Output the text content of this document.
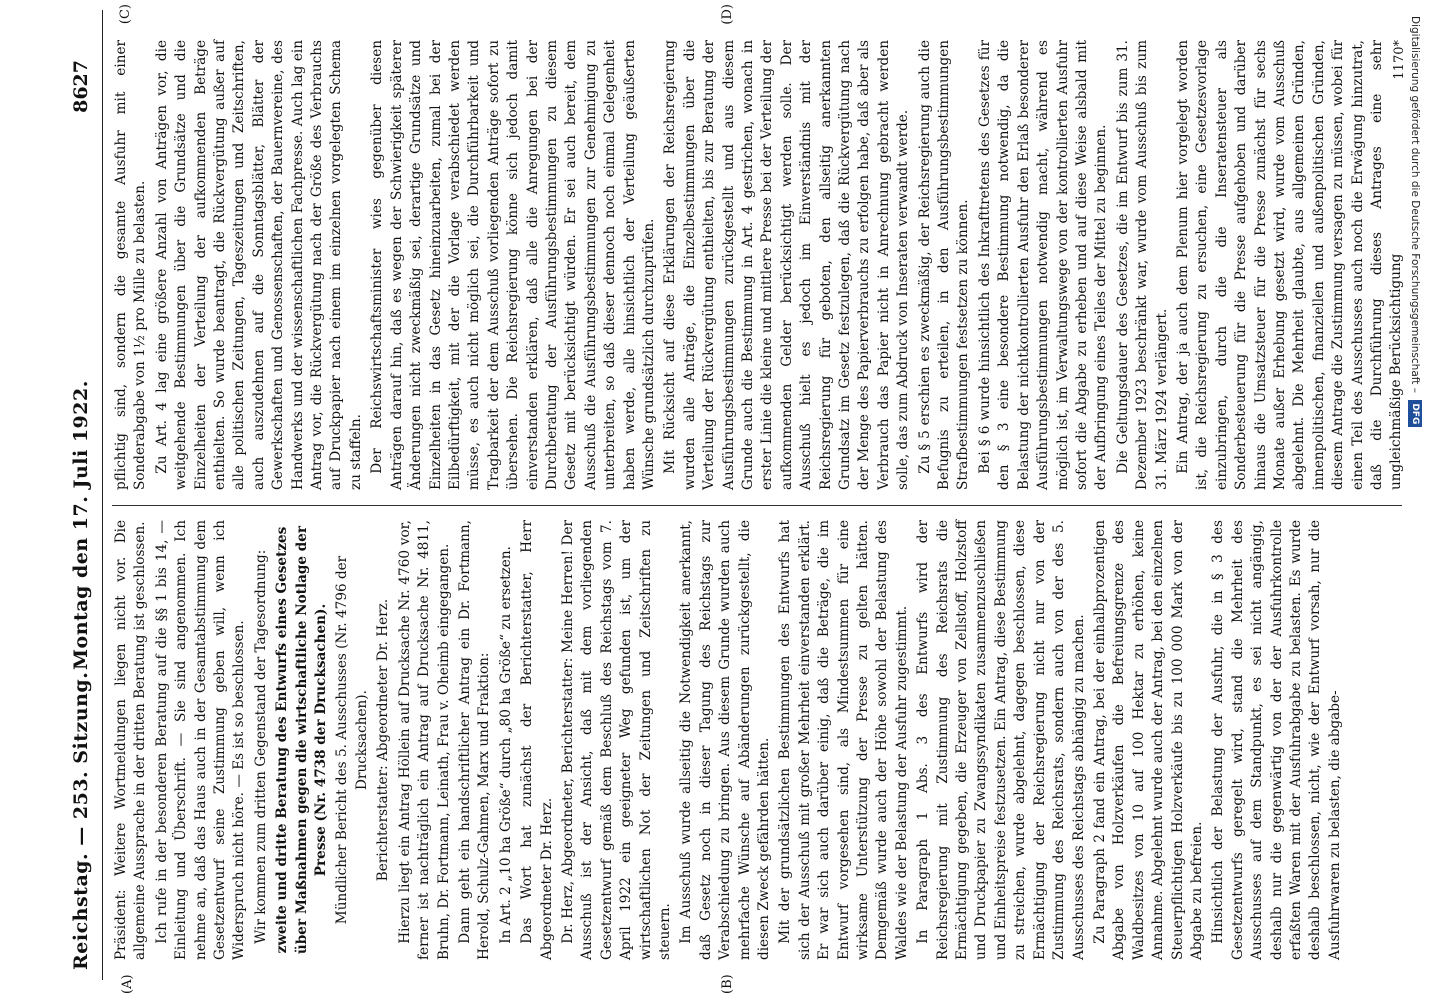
Reichstag. — 253. Sitzung.
Montag den 17. Juli 1922.
8627
(A)	(B)
(C)	(D)

Präsident: Weitere Wortmeldungen liegen nicht vor. Die allgemeine Aussprache in der dritten Beratung ist geschlossen. Ich rufe in der besonderen Beratung auf die §§ 1 bis 14, — Einleitung und Überschrift. — Sie sind angenommen. Ich nehme an, daß das Haus auch in der Gesamtabstimmung dem Gesetzentwurf seine Zustimmung geben will, wenn ich Widerspruch nicht höre. — Es ist so beschlossen. Wir kommen zum dritten Gegenstand der Tagesordnung: zweite und dritte Beratung des Entwurfs eines Gesetzes über Maßnahmen gegen die wirtschaftliche Notlage der Presse (Nr. 4738 der Drucksachen). Mündlicher Bericht des 5. Ausschusses (Nr. 4796 der Drucksachen). Berichterstatter: Abgeordneter Dr. Herz. Hierzu liegt ein Antrag Höllein auf Drucksache Nr. 4760 vor, ferner ist nachträglich ein Antrag auf Drucksache Nr. 4811, Bruhn, Dr. Fortmann, Leinath, Frau v. Oheimb eingegangen. Dann geht ein handschriftlicher Antrag ein Dr. Fortmann, Herold, Schulz-Gahmen, Marx und Fraktion: In Art. 2 „10 ha Größe“ durch „80 ha Größe“ zu ersetzen. Das Wort hat zunächst der Berichterstatter, Herr Abgeordneter Dr. Herz. Dr. Herz, Abgeordneter, Berichterstatter: Meine Herren! Der Ausschuß ist der Ansicht, daß mit dem vorliegenden Gesetzentwurf gemäß dem Beschluß des Reichstags vom 7. April 1922 ein geeigneter Weg gefunden ist, um der wirtschaftlichen Not der Zeitungen und Zeitschriften zu steuern. Im Ausschuß wurde allseitig die Notwendigkeit anerkannt, daß Gesetz noch in dieser Tagung des Reichstags zur Verabschiedung zu bringen. Aus diesem Grunde wurden auch mehrfache Wünsche auf Abänderungen zurückgestellt, die diesen Zweck gefährden hätten. Mit der grundsätzlichen Bestimmungen des Entwurfs hat sich der Ausschuß mit großer Mehrheit einverstanden erklärt. Er war sich auch darüber einig, daß die Beträge, die im Entwurf vorgesehen sind, als Mindestsummen für eine wirksame Unterstützung der Presse zu gelten hätten. Demgemäß wurde auch der Höhe sowohl der Belastung des Waldes wie der Belastung der Ausfuhr zugestimmt. In Paragraph 1 Abs. 3 des Entwurfs wird der Reichsregierung mit Zustimmung des Reichsrats die Ermächtigung gegeben, die Erzeuger von Zellstoff, Holzstoff und Druckpapier zu Zwangssyndikaten zusammenzuschließen und Einheitspreise festzusetzen. Ein Antrag, diese Bestimmung zu streichen, wurde abgelehnt, dagegen beschlossen, diese Ermächtigung der Reichsregierung nicht nur von der Zustimmung des Reichsrats, sondern auch von der des 5. Ausschusses des Reichstags abhängig zu machen. Zu Paragraph 2 fand ein Antrag, bei der einhalbprozentigen Abgabe von Holzverkäufen die Befreiungsgrenze des Waldbesitzes von 10 auf 100 Hektar zu erhöhen, keine Annahme. Abgelehnt wurde auch der Antrag, bei den einzelnen Steuerpflichtigen Holzverkäufe bis zu 100 000 Mark von der Abgabe zu befreien. Hinsichtlich der Belastung der Ausfuhr, die in § 3 des Gesetzentwurfs geregelt wird, stand die Mehrheit des Ausschusses auf dem Standpunkt, es sei nicht angängig, deshalb nur die gegenwärtig von der der Ausfuhrkontrolle erfaßten Waren mit der Ausfuhrabgabe zu belasten. Es wurde deshalb beschlossen, nicht, wie der Entwurf vorsah, nur die Ausfuhrwaren zu belasten, die abgabe-

pflichtig sind, sondern die gesamte Ausfuhr mit einer Sonderabgabe von 1½ pro Mille zu belasten. Zu Art. 4 lag eine größere Anzahl von Anträgen vor, die weitgehende Bestimmungen über die Grundsätze und die Einzelheiten der Verteilung der aufkommenden Beträge enthielten. So wurde beantragt, die Rückvergütung außer auf alle politischen Zeitungen, Tageszeitungen und Zeitschriften, auch auszudehnen auf die Sonntagsblätter, Blätter der Gewerkschaften und Genossenschaften, der Bauernvereine, des Handwerks und der wissenschaftlichen Fachpresse. Auch lag ein Antrag vor, die Rückvergütung nach der Größe des Verbrauchs auf Druckpapier nach einem im einzelnen vorgelegten Schema zu staffeln. Der Reichswirtschaftsminister wies gegenüber diesen Anträgen darauf hin, daß es wegen der Schwierigkeit späterer Änderungen nicht zweckmäßig sei, derartige Grundsätze und Einzelheiten in das Gesetz hineinzuarbeiten, zumal bei der Eilbedürftigkeit, mit der die Vorlage verabschiedet werden müsse, es auch nicht möglich sei, die Durchführbarkeit und Tragbarkeit der dem Ausschuß vorliegenden Anträge sofort zu übersehen. Die Reichsregierung könne sich jedoch damit einverstanden erklären, daß alle die Anregungen bei der Durchberatung der Ausführungsbestimmungen zu diesem Gesetz mit berücksichtigt würden. Er sei auch bereit, dem Ausschuß die Ausführungsbestimmungen zur Genehmigung zu unterbreiten, so daß dieser dennoch noch einmal Gelegenheit haben werde, alle hinsichtlich der Verteilung geäußerten Wünsche grundsätzlich durchzuprüfen. Mit Rücksicht auf diese Erklärungen der Reichsregierung wurden alle Anträge, die Einzelbestimmungen über die Verteilung der Rückvergütung enthielten, bis zur Beratung der Ausführungsbestimmungen zurückgestellt und aus diesem Grunde auch die Bestimmung in Art. 4 gestrichen, wonach in erster Linie die kleine und mittlere Presse bei der Verteilung der aufkommenden Gelder berücksichtigt werden solle. Der Ausschuß hielt es jedoch im Einverständnis mit der Reichsregierung für geboten, den allseitig anerkannten Grundsatz im Gesetz festzulegen, daß die Rückvergütung nach der Menge des Papierverbrauchs zu erfolgen habe, daß aber als Verbrauch das Papier nicht in Anrechnung gebracht werden solle, das zum Abdruck von Inseraten verwandt werde. Zu § 5 erschien es zweckmäßig, der Reichsregierung auch die Befugnis zu erteilen, in den Ausführungsbestimmungen Strafbestimmungen festsetzen zu können. Bei § 6 wurde hinsichtlich des Inkrafttretens des Gesetzes für den § 3 eine besondere Bestimmung notwendig, da die Belastung der nichtkontrollierten Ausfuhr den Erlaß besonderer Ausführungsbestimmungen notwendig macht, während es möglich ist, im Verwaltungswege von der kontrollierten Ausfuhr sofort die Abgabe zu erheben und auf diese Weise alsbald mit der Aufbringung eines Teiles der Mittel zu beginnen. Die Geltungsdauer des Gesetzes, die im Entwurf bis zum 31. Dezember 1923 beschränkt war, wurde vom Ausschuß bis zum 31. März 1924 verlängert. Ein Antrag, der ja auch dem Plenum hier vorgelegt worden ist, die Reichsregierung zu ersuchen, eine Gesetzesvorlage einzubringen, durch die die Inseratensteuer als Sonderbesteuerung für die Presse aufgehoben und darüber hinaus die Umsatzsteuer für die Presse zunächst für sechs Monate außer Erhebung gesetzt wird, wurde vom Ausschuß abgelehnt. Die Mehrheit glaubte, aus allgemeinen Gründen, innenpolitischen, finanziellen und außenpolitischen Gründen, diesem Antrage die Zustimmung versagen zu müssen, wobei für einen Teil des Ausschusses auch noch die Erwägung hinzutrat, daß die Durchführung dieses Antrages eine sehr ungleichmäßige Berücksichtigung

1170* Digitalisierung gefördert durch die Deutsche Forschungsgemeinschaft – DFG
